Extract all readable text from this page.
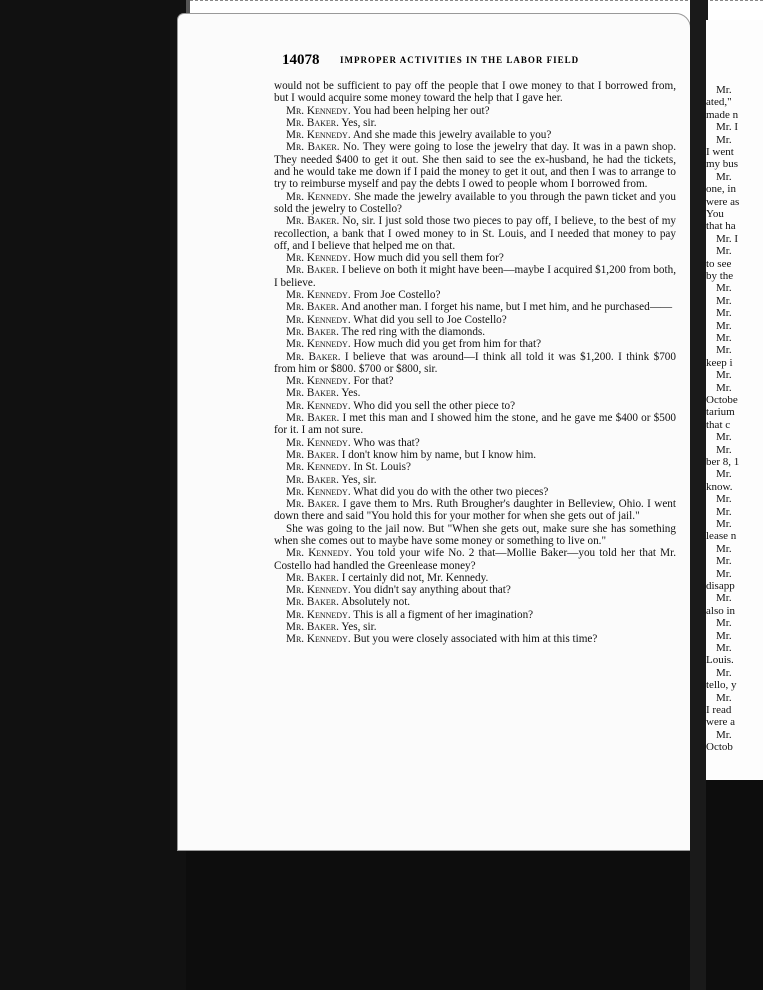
Mr.
ated,"
made n
Mr. I
Mr.
I went
my bus
Mr.
one, in
were as
You
that ha
Mr. I
Mr.
to see
by the
Mr.
Mr.
Mr.
Mr.
Mr.
Mr.
keep i
Mr.
Mr.
Octobe
tarium
that c
Mr.
Mr.
ber 8, 1
Mr.
know.
Mr.
Mr.
Mr.
lease n
Mr.
Mr.
Mr.
disapp
Mr.
also in
Mr.
Mr.
Mr.
Louis.
Mr.
tello, y
Mr.
I read
were a
Mr.
Octob
14078 IMPROPER ACTIVITIES IN THE LABOR FIELD

would not be sufficient to pay off the people that I owe money to that I borrowed from, but I would acquire some money toward the help that I gave her.

Mr. Kennedy. You had been helping her out?

Mr. Baker. Yes, sir.

Mr. Kennedy. And she made this jewelry available to you?

Mr. Baker. No. They were going to lose the jewelry that day. It was in a pawn shop. They needed $400 to get it out. She then said to see the ex-husband, he had the tickets, and he would take me down if I paid the money to get it out, and then I was to arrange to try to reimburse myself and pay the debts I owed to people whom I borrowed from.

Mr. Kennedy. She made the jewelry available to you through the pawn ticket and you sold the jewelry to Costello?

Mr. Baker. No, sir. I just sold those two pieces to pay off, I believe, to the best of my recollection, a bank that I owed money to in St. Louis, and I needed that money to pay off, and I believe that helped me on that.

Mr. Kennedy. How much did you sell them for?

Mr. Baker. I believe on both it might have been—maybe I acquired $1,200 from both, I believe.

Mr. Kennedy. From Joe Costello?

Mr. Baker. And another man. I forget his name, but I met him, and he purchased——

Mr. Kennedy. What did you sell to Joe Costello?

Mr. Baker. The red ring with the diamonds.

Mr. Kennedy. How much did you get from him for that?

Mr. Baker. I believe that was around—I think all told it was $1,200. I think $700 from him or $800. $700 or $800, sir.

Mr. Kennedy. For that?

Mr. Baker. Yes.

Mr. Kennedy. Who did you sell the other piece to?

Mr. Baker. I met this man and I showed him the stone, and he gave me $400 or $500 for it. I am not sure.

Mr. Kennedy. Who was that?

Mr. Baker. I don't know him by name, but I know him.

Mr. Kennedy. In St. Louis?

Mr. Baker. Yes, sir.

Mr. Kennedy. What did you do with the other two pieces?

Mr. Baker. I gave them to Mrs. Ruth Brougher's daughter in Belleview, Ohio. I went down there and said "You hold this for your mother for when she gets out of jail."

She was going to the jail now. But "When she gets out, make sure she has something when she comes out to maybe have some money or something to live on."

Mr. Kennedy. You told your wife No. 2 that—Mollie Baker—you told her that Mr. Costello had handled the Greenlease money?

Mr. Baker. I certainly did not, Mr. Kennedy.

Mr. Kennedy. You didn't say anything about that?

Mr. Baker. Absolutely not.

Mr. Kennedy. This is all a figment of her imagination?

Mr. Baker. Yes, sir.

Mr. Kennedy. But you were closely associated with him at this time?
